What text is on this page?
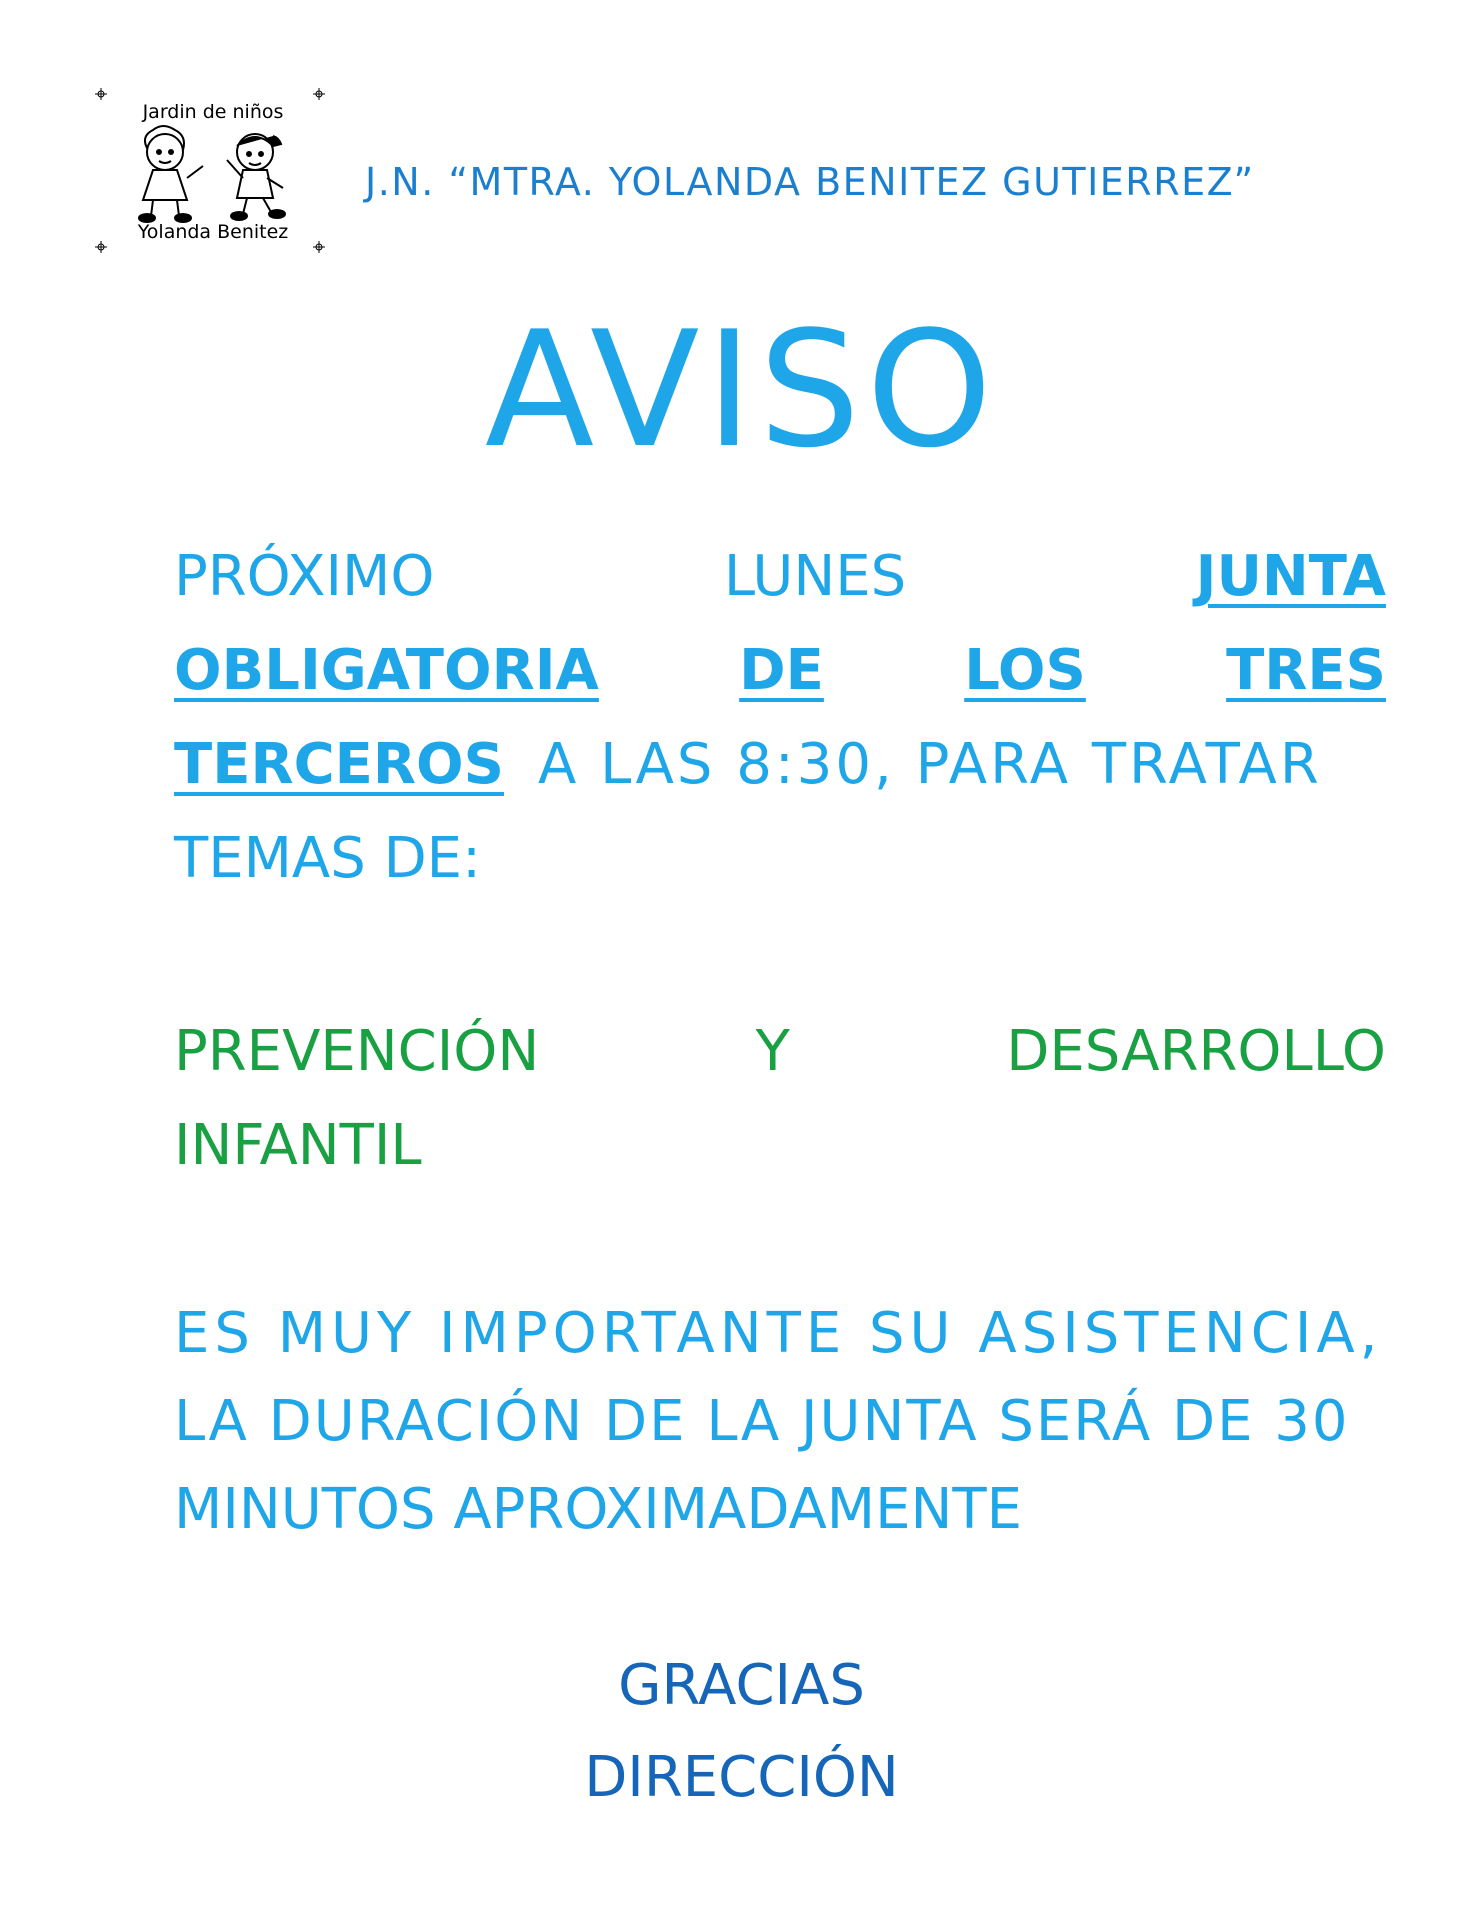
Jardin de niños
Yolanda Benitez
J.N. “MTRA. YOLANDA BENITEZ GUTIERREZ”
AVISO
PRÓXIMO	LUNES	JUNTA
OBLIGATORIA	DE	LOS	TRES
TERCEROS A LAS 8:30, PARA TRATAR
TEMAS DE:
PREVENCIÓN	Y	DESARROLLO
INFANTIL
ES MUY IMPORTANTE SU ASISTENCIA,
LA DURACIÓN DE LA JUNTA SERÁ DE 30
MINUTOS APROXIMADAMENTE
GRACIAS
DIRECCIÓN
